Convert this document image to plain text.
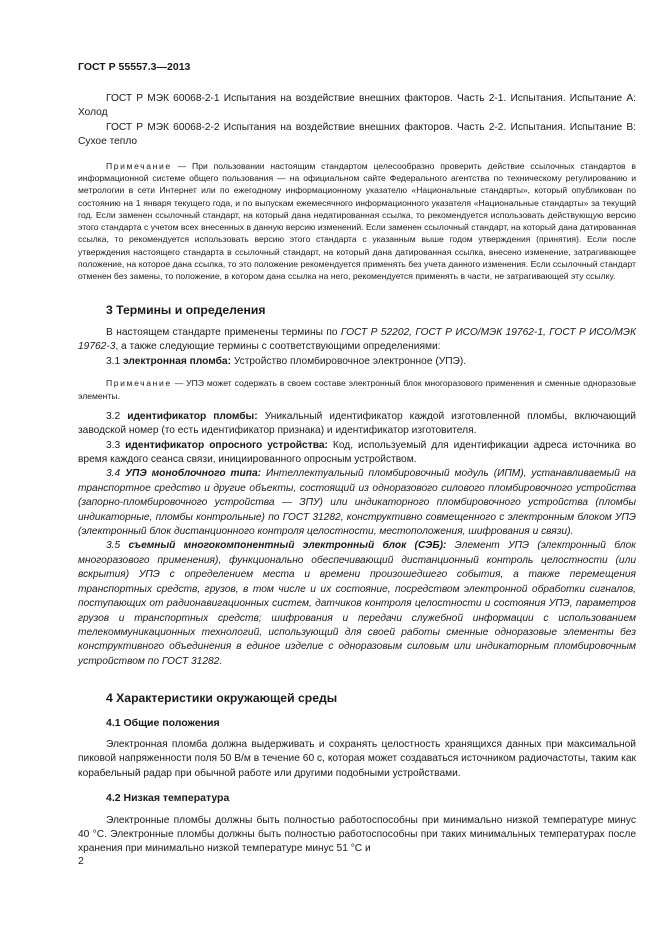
ГОСТ Р 55557.3—2013

ГОСТ Р МЭК 60068-2-1 Испытания на воздействие внешних факторов. Часть 2-1. Испытания. Испытание А: Холод

ГОСТ Р МЭК 60068-2-2 Испытания на воздействие внешних факторов. Часть 2-2. Испытания. Испытание В: Сухое тепло

Примечание — При пользовании настоящим стандартом целесообразно проверить действие ссылочных стандартов в информационной системе общего пользования — на официальном сайте Федерального агентства по техническому регулированию и метрологии в сети Интернет или по ежегодному информационному указателю «Национальные стандарты», который опубликован по состоянию на 1 января текущего года, и по выпускам ежемесячного информационного указателя «Национальные стандарты» за текущий год. Если заменен ссылочный стандарт, на который дана недатированная ссылка, то рекомендуется использовать действующую версию этого стандарта с учетом всех внесенных в данную версию изменений. Если заменен ссылочный стандарт, на который дана датированная ссылка, то рекомендуется использовать версию этого стандарта с указанным выше годом утверждения (принятия). Если после утверждения настоящего стандарта в ссылочный стандарт, на который дана датированная ссылка, внесено изменение, затрагивающее положение, на которое дана ссылка, то это положение рекомендуется применять без учета данного изменения. Если ссылочный стандарт отменен без замены, то положение, в котором дана ссылка на него, рекомендуется применять в части, не затрагивающей эту ссылку.

3 Термины и определения

В настоящем стандарте применены термины по ГОСТ Р 52202, ГОСТ Р ИСО/МЭК 19762-1, ГОСТ Р ИСО/МЭК 19762-3, а также следующие термины с соответствующими определениями:

3.1 электронная пломба: Устройство пломбировочное электронное (УПЭ).

Примечание — УПЭ может содержать в своем составе электронный блок многоразового применения и сменные одноразовые элементы.

3.2 идентификатор пломбы: Уникальный идентификатор каждой изготовленной пломбы, включающий заводской номер (то есть идентификатор признака) и идентификатор изготовителя.

3.3 идентификатор опросного устройства: Код, используемый для идентификации адреса источника во время каждого сеанса связи, инициированного опросным устройством.

3.4 УПЭ моноблочного типа: Интеллектуальный пломбировочный модуль (ИПМ), устанавливаемый на транспортное средство и другие объекты, состоящий из одноразового силового пломбировочного устройства (запорно-пломбировочного устройства — ЗПУ) или индикаторного пломбировочного устройства (пломбы индикаторные, пломбы контрольные) по ГОСТ 31282, конструктивно совмещенного с электронным блоком УПЭ (электронный блок дистанционного контроля целостности, местоположения, шифрования и связи).

3.5 съемный многокомпонентный электронный блок (СЭБ): Элемент УПЭ (электронный блок многоразового применения), функционально обеспечивающий дистанционный контроль целостности (или вскрытия) УПЭ с определением места и времени произошедшего события, а также перемещения транспортных средств, грузов, в том числе и их состояние, посредством электронной обработки сигналов, поступающих от радионавигационных систем, датчиков контроля целостности и состояния УПЭ, параметров грузов и транспортных средств; шифрования и передачи служебной информации с использованием телекоммуникационных технологий, использующий для своей работы сменные одноразовые элементы без конструктивного объединения в единое изделие с одноразовым силовым или индикаторным пломбировочным устройством по ГОСТ 31282.

4 Характеристики окружающей среды

4.1 Общие положения

Электронная пломба должна выдерживать и сохранять целостность хранящихся данных при максимальной пиковой напряженности поля 50 В/м в течение 60 с, которая может создаваться источником радиочастоты, таким как корабельный радар при обычной работе или другими подобными устройствами.

4.2 Низкая температура

Электронные пломбы должны быть полностью работоспособны при минимально низкой температуре минус 40 °С. Электронные пломбы должны быть полностью работоспособны при таких минимальных температурах после хранения при минимально низкой температуре минус 51 °С и

2
